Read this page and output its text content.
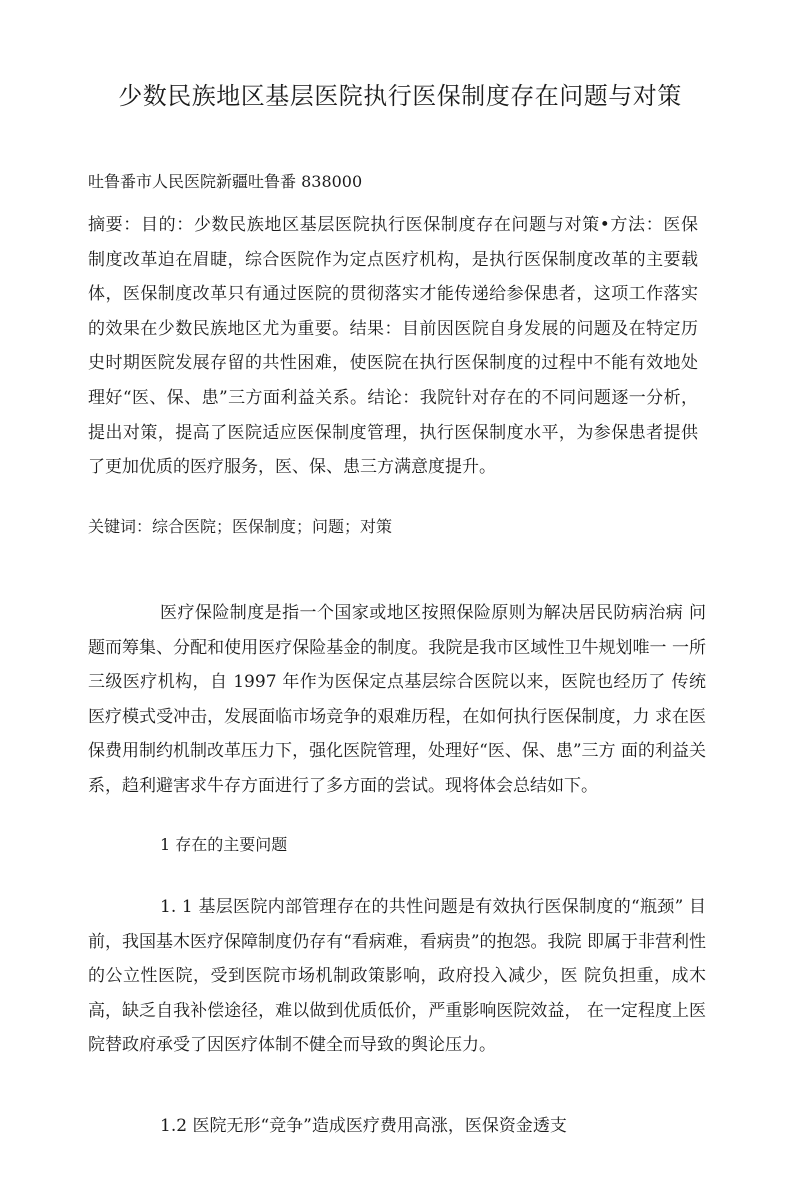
少数民族地区基层医院执行医保制度存在问题与对策
吐鲁番市人民医院新疆吐鲁番 838000
摘要：目的：少数民族地区基层医院执行医保制度存在问题与对策•方法：医保 制度改革迫在眉睫，综合医院作为定点医疗机构，是执行医保制度改革的主要载 体，医保制度改革只有通过医院的贯彻落实才能传递给参保患者，这项工作落实的效果在少数民族地区尤为重要。结果：目前因医院自身发展的问题及在特定历史时期医院发展存留的共性困难，使医院在执行医保制度的过程中不能有效地处理好“医、保、患”三方面利益关系。结论：我院针对存在的不同问题逐一分析，提出对策，提高了医院适应医保制度管理，执行医保制度水平，为参保患者提供了更加优质的医疗服务，医、保、患三方满意度提升。
关键词：综合医院；医保制度；问题；对策
医疗保险制度是指一个国家或地区按照保险原则为解决居民防病治病 问题而筹集、分配和使用医疗保险基金的制度。我院是我市区域性卫牛规划唯一 一所三级医疗机构，自 1997 年作为医保定点基层综合医院以来，医院也经历了 传统医疗模式受冲击，发展面临市场竞争的艰难历程，在如何执行医保制度，力 求在医保费用制约机制改革压力下，强化医院管理，处理好“医、保、患”三方 面的利益关系，趋利避害求牛存方面进行了多方面的尝试。现将体会总结如下。
1 存在的主要问题
1. 1 基层医院内部管理存在的共性问题是有效执行医保制度的“瓶颈” 目前，我国基木医疗保障制度仍存有“看病难，看病贵”的抱怨。我院 即属于非营利性的公立性医院，受到医院市场机制政策影响，政府投入减少，医 院负担重，成木高，缺乏自我补偿途径，难以做到优质低价，严重影响医院效益， 在一定程度上医院替政府承受了因医疗体制不健全而导致的舆论压力。
1.2 医院无形“竞争”造成医疗费用高涨，医保资金透支
